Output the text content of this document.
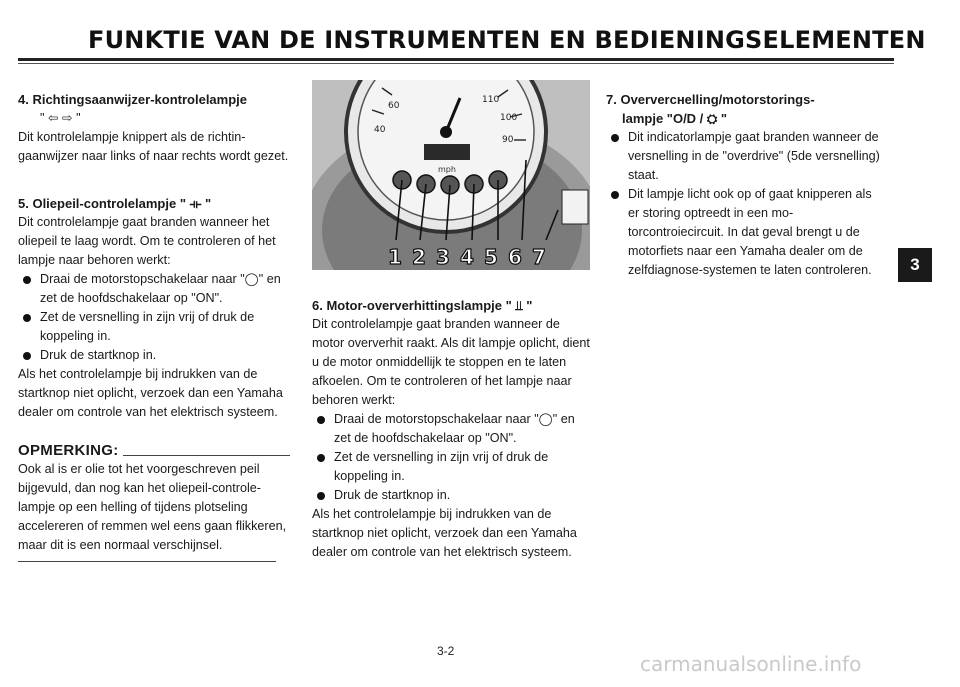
FUNKTIE VAN DE INSTRUMENTEN EN BEDIENINGSELEMENTEN

4. Richtingsaanwijzer-kontrolelampje

" ⇦ ⇨ "

Dit kontrolelampje knippert als de richtingaanwijzer naar links of naar rechts wordt gezet.

5. Oliepeil-controlelampje " ⟛ "

Dit controlelampje gaat branden wanneer het oliepeil te laag wordt. Om te controleren of het lampje naar behoren werkt:

Draai de motorstopschakelaar naar "◯" en zet de hoofdschakelaar op "ON".

Zet de versnelling in zijn vrij of druk de koppeling in.

Druk de startknop in.

Als het controlelampje bij indrukken van de startknop niet oplicht, verzoek dan een Yamaha dealer om controle van het elektrisch systeem.

OPMERKING:

Ook al is er olie tot het voorgeschreven peil bijgevuld, dan nog kan het oliepeil-controlelampje op een helling of tijdens plotseling accelereren of remmen wel eens gaan flikkeren, maar dit is een normaal verschijnsel.

60
40
110
100
90
mph
1 2 3 4 5 6 7

6. Motor-oververhittingslampje " ⫫ "

Dit controlelampje gaat branden wanneer de motor oververhit raakt. Als dit lampje oplicht, dient u de motor onmiddellijk te stoppen en te laten afkoelen. Om te controleren of het lampje naar behoren werkt:

Draai de motorstopschakelaar naar "◯" en zet de hoofdschakelaar op "ON".

Zet de versnelling in zijn vrij of druk de koppeling in.

Druk de startknop in.

Als het controlelampje bij indrukken van de startknop niet oplicht, verzoek dan een Yamaha dealer om controle van het elektrisch systeem.

7. Oververснelling/motorstorings-

lampje "O/D / ⛭ "

Dit indicatorlampje gaat branden wanneer de versnelling in de "overdrive" (5de versnelling) staat.

Dit lampje licht ook op of gaat knipperen als er storing optreedt in een motorcontroiecircuit. In dat geval brengt u de motorfiets naar een Yamaha dealer om de zelfdiagnose-systemen te laten controleren.	3
3-2
carmanualsonline.info
